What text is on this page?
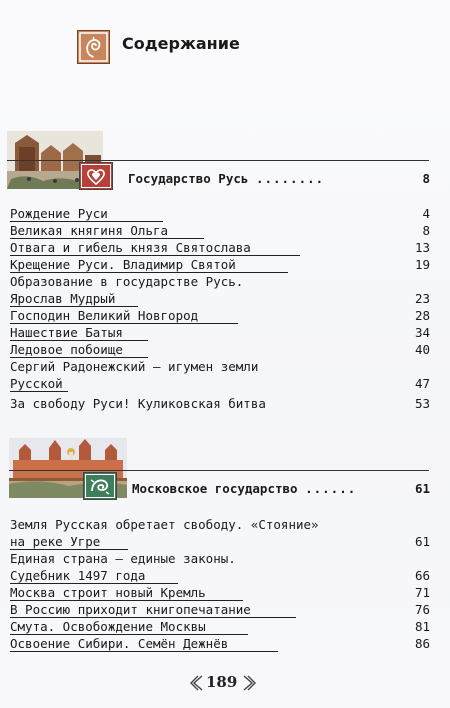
Содержание
Государство Русь ........	8
Рождение Руси	4
Великая княгиня Ольга	8
Отвага и гибель князя Святослава	13
Крещение Руси. Владимир Святой	19
Образование в государстве Русь.
Ярослав Мудрый	23
Господин Великий Новгород	28
Нашествие Батыя	34
Ледовое побоище	40
Сергий Радонежский — игумен земли
Русской	47
За свободу Руси! Куликовская битва	53
Московское государство ......	61
Земля Русская обретает свободу. «Стояние»
на реке Угре	61
Единая страна — единые законы.
Судебник 1497 года	66
Москва строит новый Кремль	71
В Россию приходит книгопечатание	76
Смута. Освобождение Москвы	81
Освоение Сибири. Семён Дежнёв	86
189
